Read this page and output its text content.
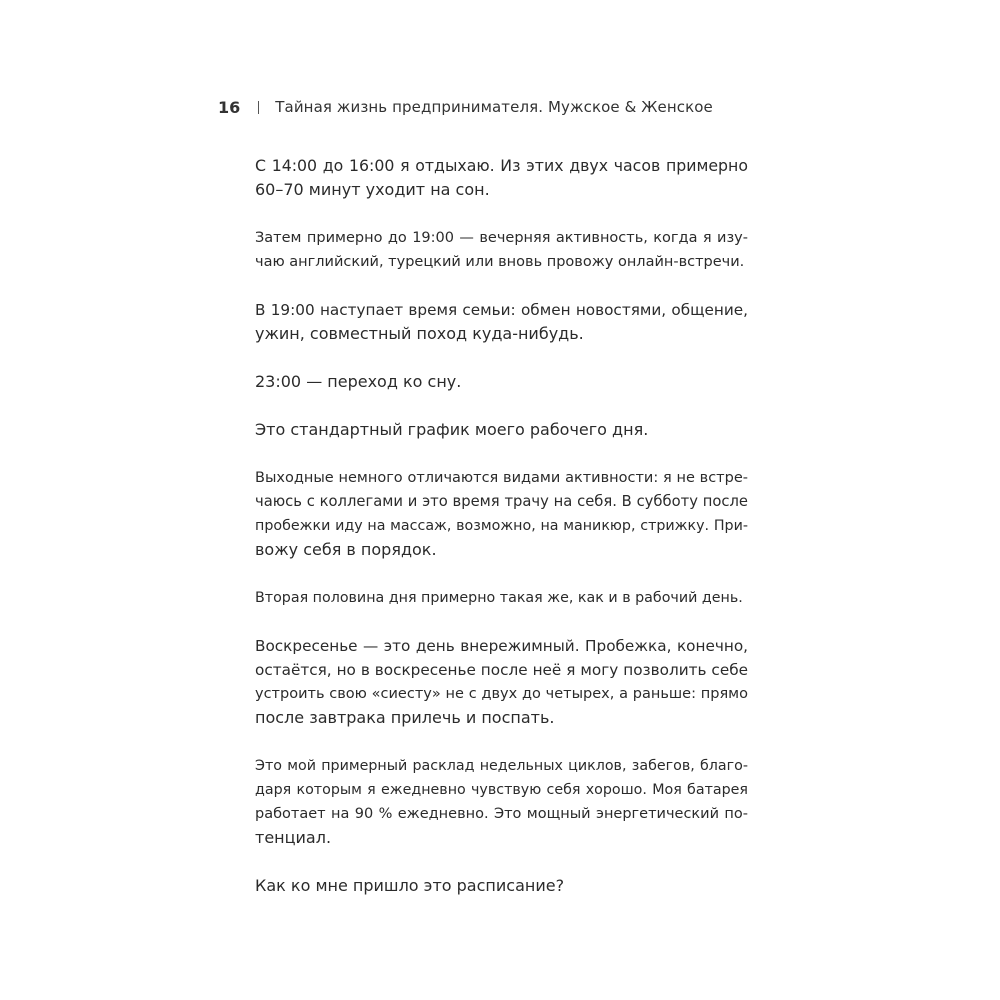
16 Тайная жизнь предпринимателя. Мужское & Женское
С 14:00 до 16:00 я отдыхаю. Из этих двух часов примерно
60–70 минут уходит на сон.
Затем примерно до 19:00 — вечерняя активность, когда я изу-
чаю английский, турецкий или вновь провожу онлайн-встречи.
В 19:00 наступает время семьи: обмен новостями, общение,
ужин, совместный поход куда-нибудь.
23:00 — переход ко сну.
Это стандартный график моего рабочего дня.
Выходные немного отличаются видами активности: я не встре-
чаюсь с коллегами и это время трачу на себя. В субботу после
пробежки иду на массаж, возможно, на маникюр, стрижку. При-
вожу себя в порядок.
Вторая половина дня примерно такая же, как и в рабочий день.
Воскресенье — это день внережимный. Пробежка, конечно,
остаётся, но в воскресенье после неё я могу позволить себе
устроить свою «сиесту» не с двух до четырех, а раньше: прямо
после завтрака прилечь и поспать.
Это мой примерный расклад недельных циклов, забегов, благо-
даря которым я ежедневно чувствую себя хорошо. Моя батарея
работает на 90 % ежедневно. Это мощный энергетический по-
тенциал.
Как ко мне пришло это расписание?
